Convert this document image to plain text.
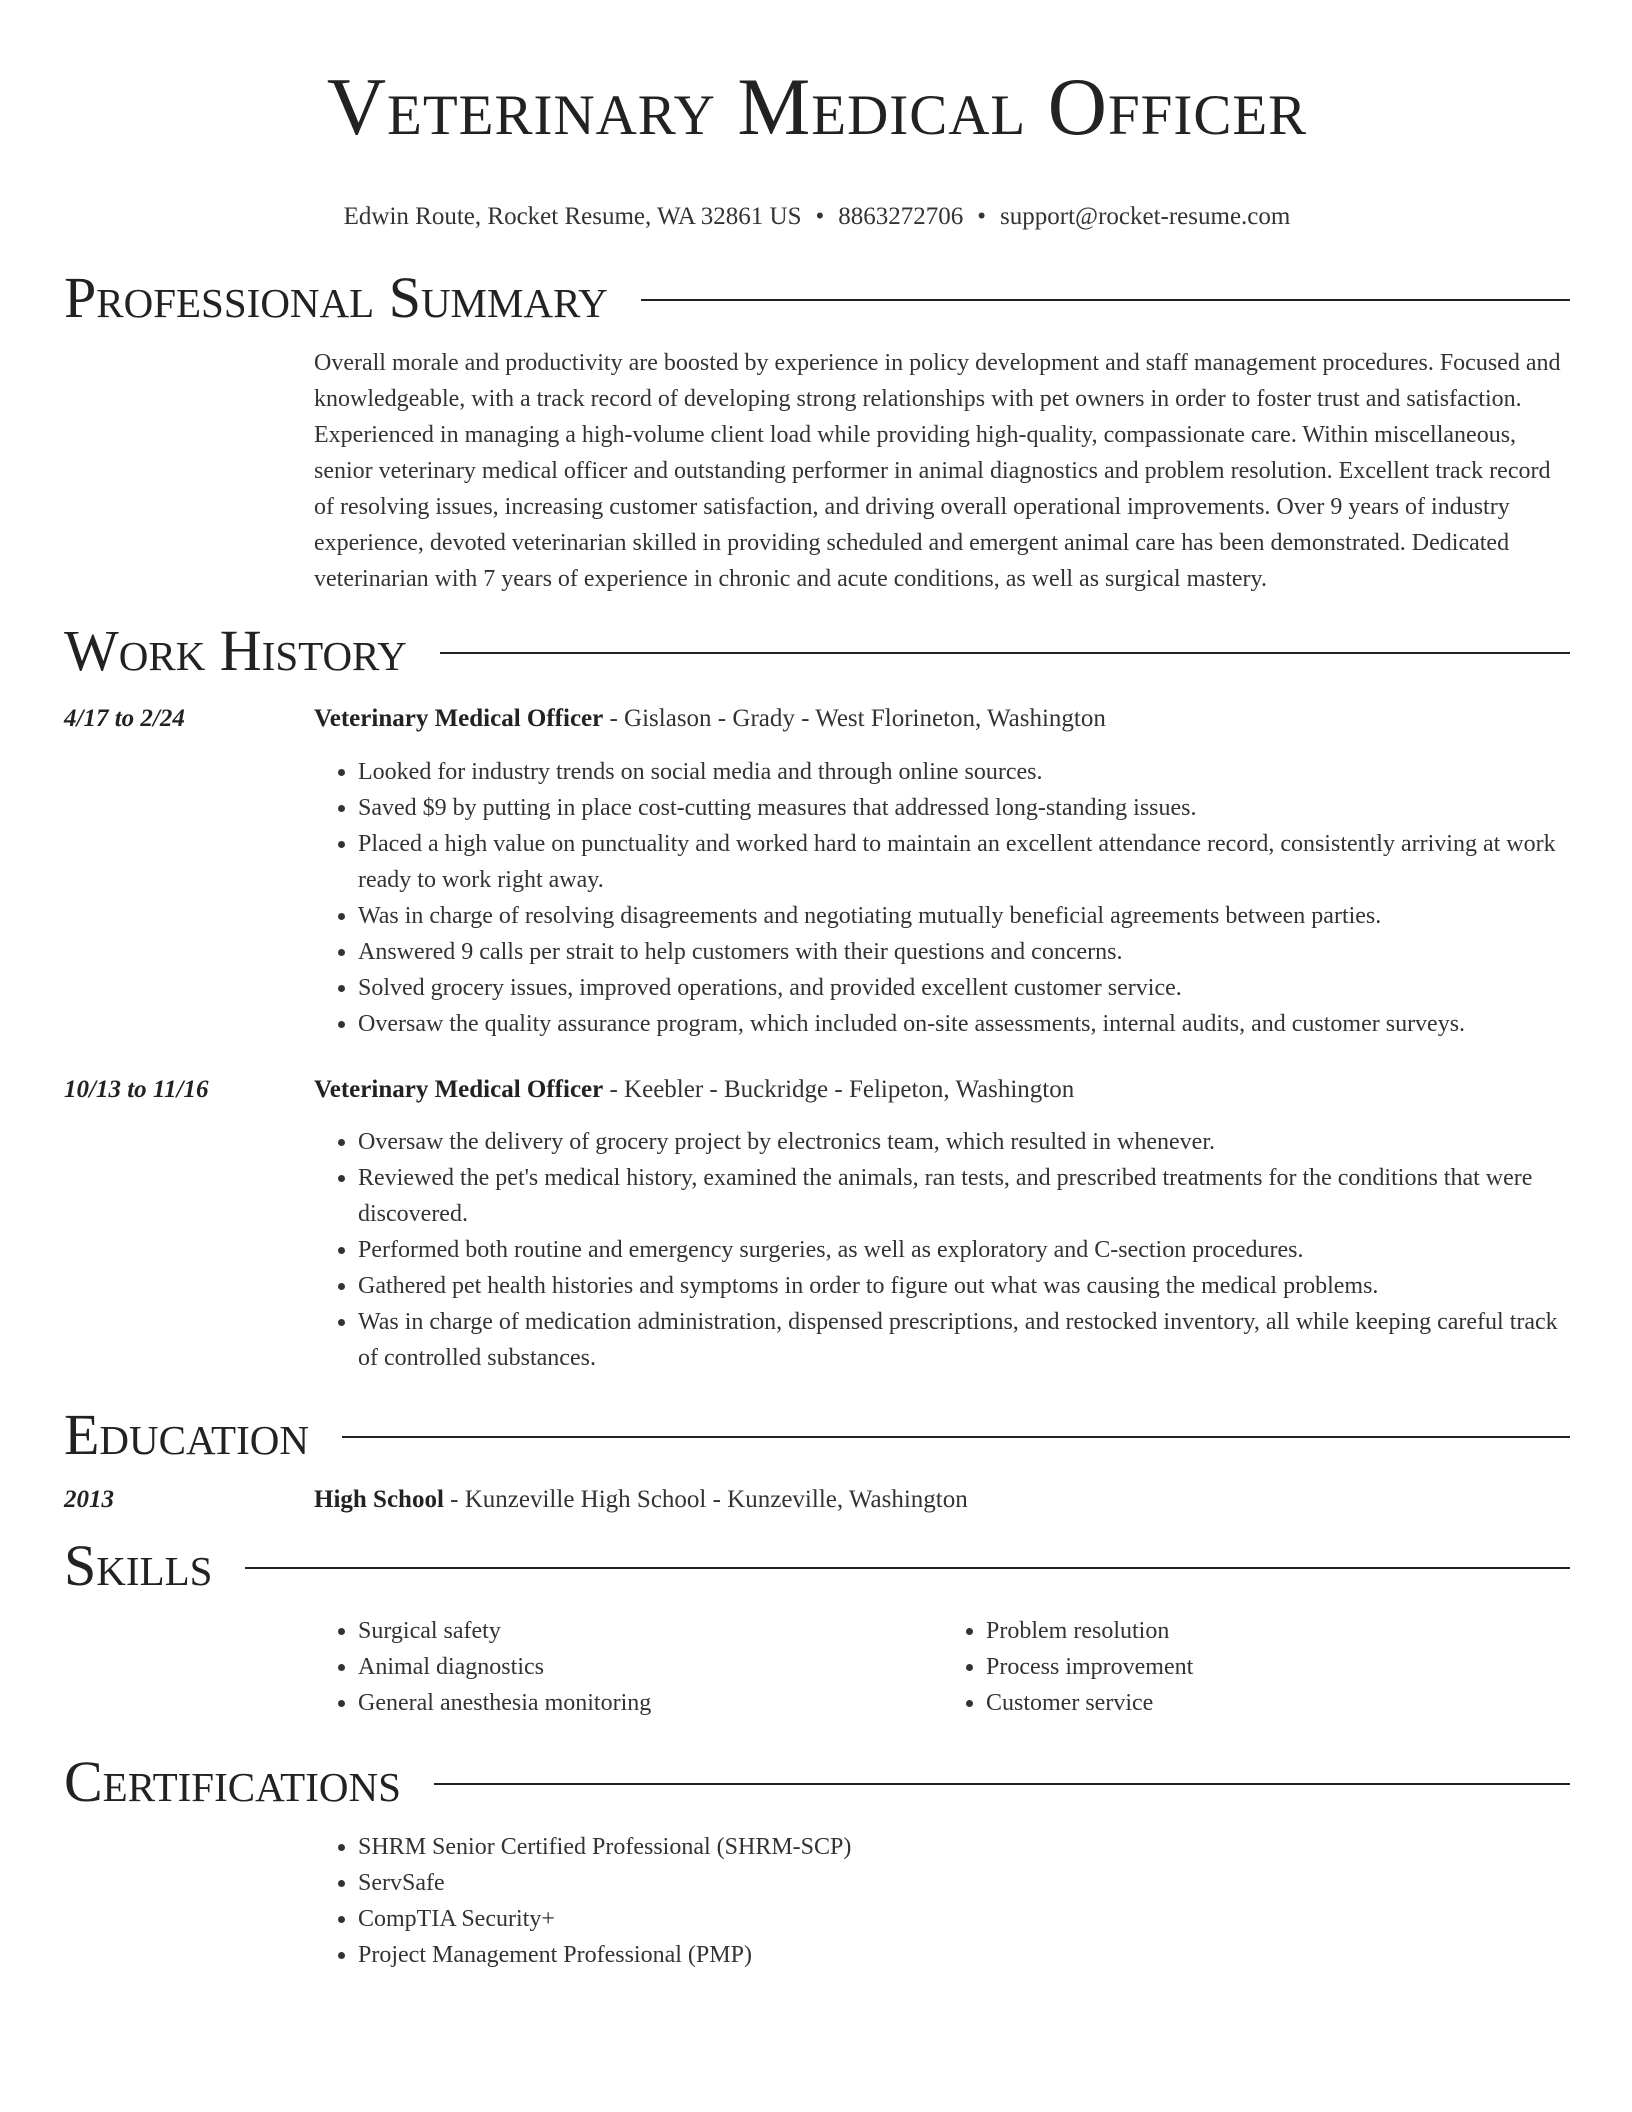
Veterinary Medical Officer
Edwin Route, Rocket Resume, WA 32861 US • 8863272706 • support@rocket-resume.com
Professional Summary
Overall morale and productivity are boosted by experience in policy development and staff management procedures. Focused and knowledgeable, with a track record of developing strong relationships with pet owners in order to foster trust and satisfaction. Experienced in managing a high-volume client load while providing high-quality, compassionate care. Within miscellaneous, senior veterinary medical officer and outstanding performer in animal diagnostics and problem resolution. Excellent track record of resolving issues, increasing customer satisfaction, and driving overall operational improvements. Over 9 years of industry experience, devoted veterinarian skilled in providing scheduled and emergent animal care has been demonstrated. Dedicated veterinarian with 7 years of experience in chronic and acute conditions, as well as surgical mastery.
Work History
4/17 to 2/24	Veterinary Medical Officer - Gislason - Grady - West Florineton, Washington
• Looked for industry trends on social media and through online sources.
• Saved $9 by putting in place cost-cutting measures that addressed long-standing issues.
• Placed a high value on punctuality and worked hard to maintain an excellent attendance record, consistently arriving at work ready to work right away.
• Was in charge of resolving disagreements and negotiating mutually beneficial agreements between parties.
• Answered 9 calls per strait to help customers with their questions and concerns.
• Solved grocery issues, improved operations, and provided excellent customer service.
• Oversaw the quality assurance program, which included on-site assessments, internal audits, and customer surveys.
10/13 to 11/16	Veterinary Medical Officer - Keebler - Buckridge - Felipeton, Washington
• Oversaw the delivery of grocery project by electronics team, which resulted in whenever.
• Reviewed the pet's medical history, examined the animals, ran tests, and prescribed treatments for the conditions that were discovered.
• Performed both routine and emergency surgeries, as well as exploratory and C-section procedures.
• Gathered pet health histories and symptoms in order to figure out what was causing the medical problems.
• Was in charge of medication administration, dispensed prescriptions, and restocked inventory, all while keeping careful track of controlled substances.
Education
2013	High School - Kunzeville High School - Kunzeville, Washington
Skills
• Surgical safety
• Animal diagnostics
• General anesthesia monitoring
• Problem resolution
• Process improvement
• Customer service
Certifications
• SHRM Senior Certified Professional (SHRM-SCP)
• ServSafe
• CompTIA Security+
• Project Management Professional (PMP)
